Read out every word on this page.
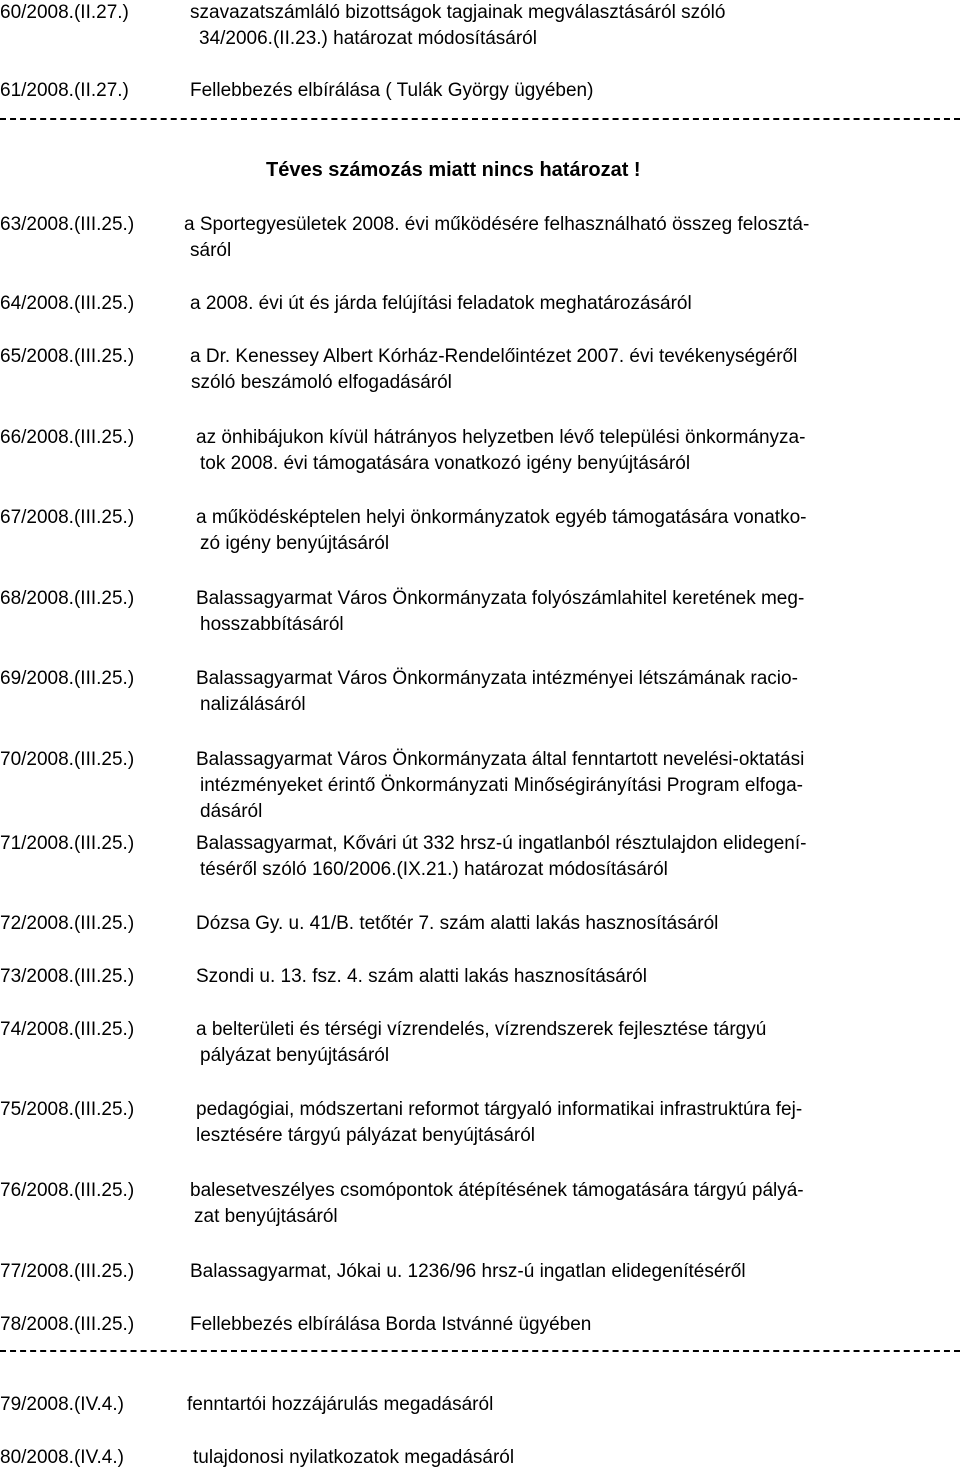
60/2008.(II.27.)	szavazatszámláló bizottságok tagjainak megválasztásáról szóló
34/2006.(II.23.) határozat módosításáról
61/2008.(II.27.)	Fellebbezés elbírálása ( Tulák György ügyében)
Téves számozás miatt nincs határozat !
63/2008.(III.25.)	a Sportegyesületek 2008. évi működésére felhasználható összeg felosztá-
sáról
64/2008.(III.25.)	a 2008. évi út és járda felújítási feladatok meghatározásáról
65/2008.(III.25.)	a Dr. Kenessey Albert Kórház-Rendelőintézet 2007. évi tevékenységéről
szóló beszámoló elfogadásáról
66/2008.(III.25.)	az önhibájukon kívül hátrányos helyzetben lévő települési önkormányza-
tok 2008. évi támogatására vonatkozó igény benyújtásáról
67/2008.(III.25.)	a működésképtelen helyi önkormányzatok egyéb támogatására vonatko-
zó igény benyújtásáról
68/2008.(III.25.)	Balassagyarmat Város Önkormányzata folyószámlahitel keretének meg-
hosszabbításáról
69/2008.(III.25.)	Balassagyarmat Város Önkormányzata intézményei létszámának racio-
nalizálásáról
70/2008.(III.25.)	Balassagyarmat Város Önkormányzata által fenntartott nevelési-oktatási
intézményeket érintő Önkormányzati Minőségirányítási Program elfoga-
dásáról
71/2008.(III.25.)	Balassagyarmat, Kővári út 332 hrsz-ú ingatlanból résztulajdon elidegení-
téséről szóló 160/2006.(IX.21.) határozat módosításáról
72/2008.(III.25.)	Dózsa Gy. u. 41/B. tetőtér 7. szám alatti lakás hasznosításáról
73/2008.(III.25.)	Szondi u. 13. fsz. 4. szám alatti lakás hasznosításáról
74/2008.(III.25.)	a belterületi és térségi vízrendelés, vízrendszerek fejlesztése tárgyú
pályázat benyújtásáról
75/2008.(III.25.)	pedagógiai, módszertani reformot tárgyaló informatikai infrastruktúra fej-
lesztésére tárgyú pályázat benyújtásáról
76/2008.(III.25.)	balesetveszélyes csomópontok átépítésének támogatására tárgyú pályá-
zat benyújtásáról
77/2008.(III.25.)	Balassagyarmat, Jókai u. 1236/96 hrsz-ú ingatlan elidegenítéséről
78/2008.(III.25.)	Fellebbezés elbírálása Borda Istvánné ügyében
79/2008.(IV.4.)	fenntartói hozzájárulás megadásáról
80/2008.(IV.4.)	tulajdonosi nyilatkozatok megadásáról
